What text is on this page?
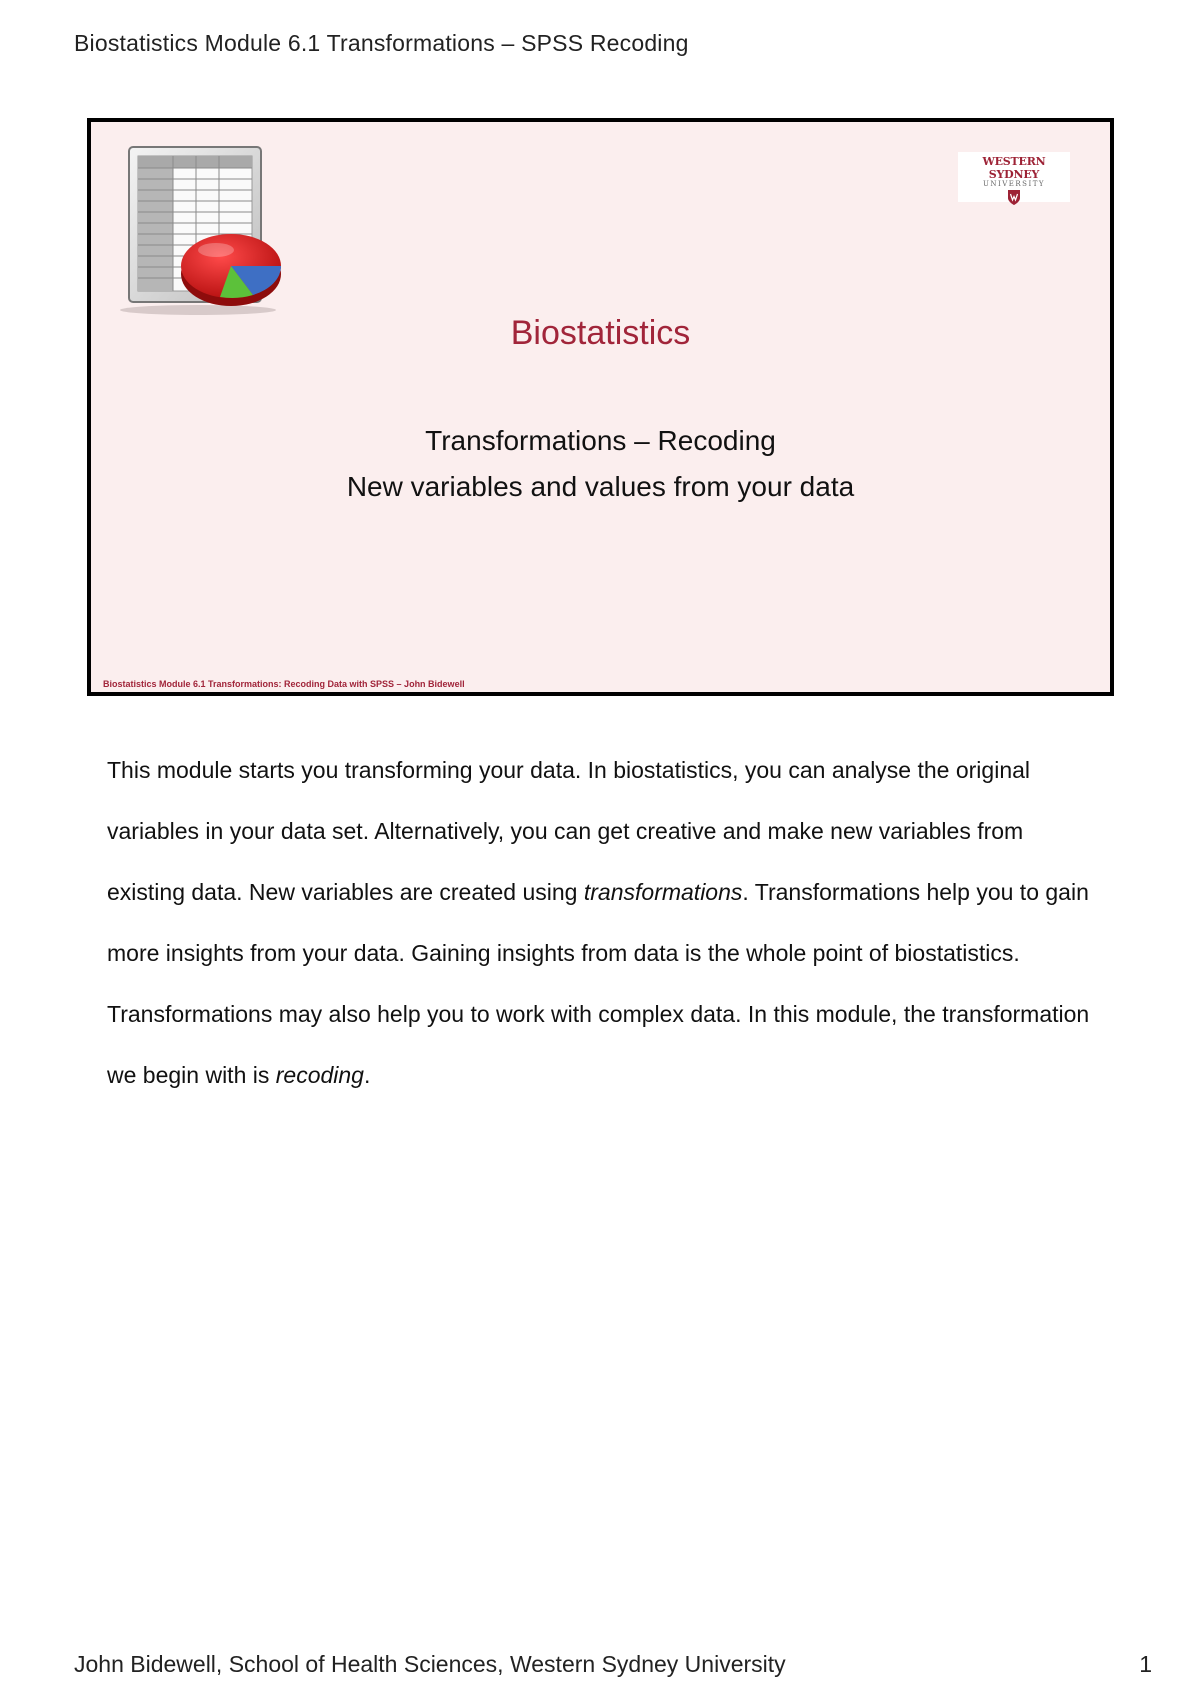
Biostatistics Module 6.1 Transformations – SPSS Recoding
WESTERN SYDNEY
UNIVERSITY
Biostatistics
Transformations – Recoding
New variables and values from your data
Biostatistics Module 6.1 Transformations: Recoding Data with SPSS – John Bidewell

This module starts you transforming your data. In biostatistics, you can analyse the original variables in your data set. Alternatively, you can get creative and make new variables from existing data. New variables are created using transformations. Transformations help you to gain more insights from your data. Gaining insights from data is the whole point of biostatistics. Transformations may also help you to work with complex data. In this module, the transformation we begin with is recoding.

John Bidewell, School of Health Sciences, Western Sydney University	1
